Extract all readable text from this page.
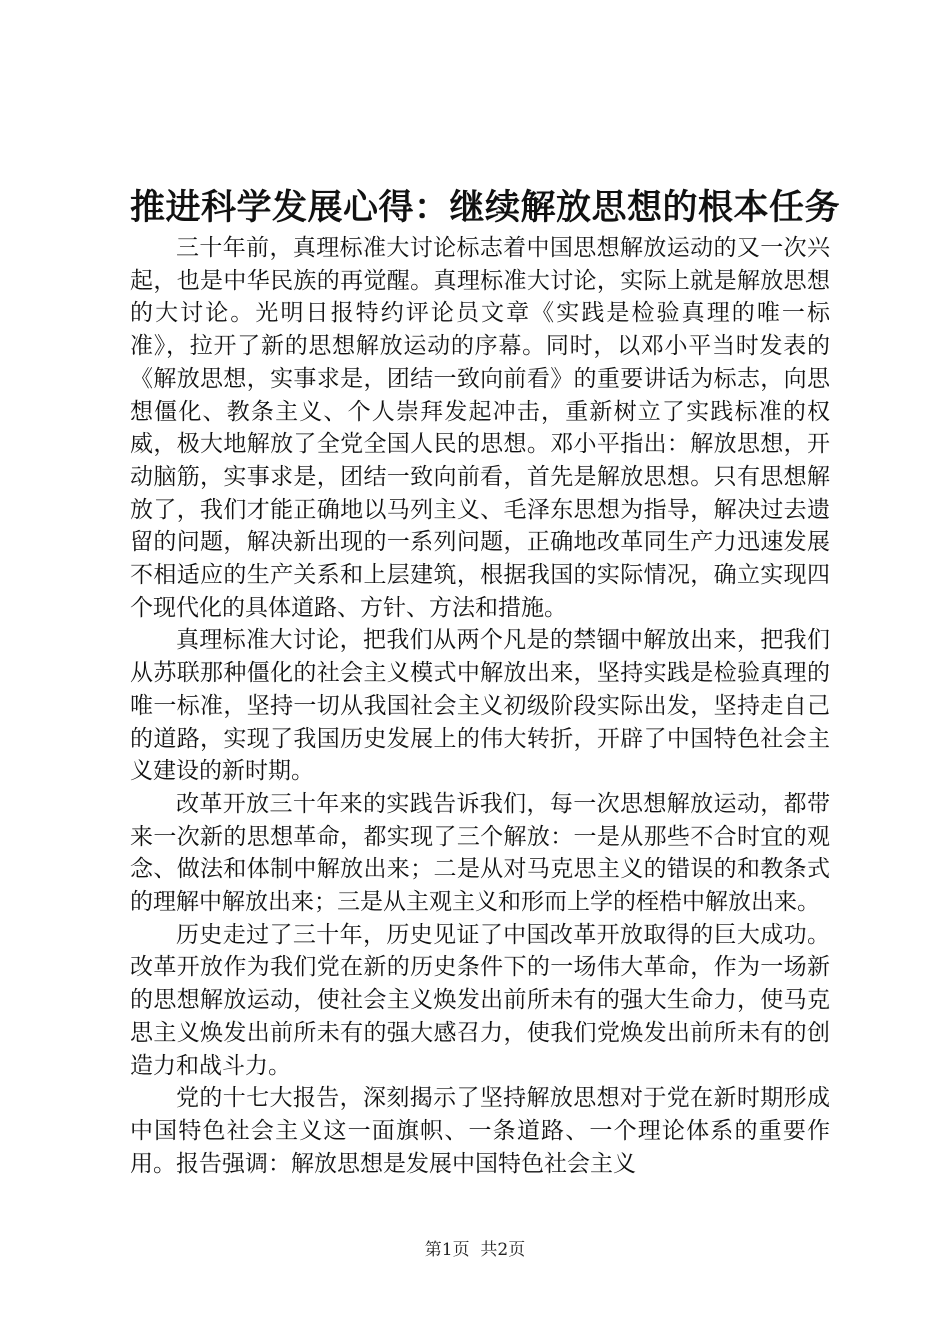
推进科学发展心得：继续解放思想的根本任务

三十年前，真理标准大讨论标志着中国思想解放运动的又一次兴起，也是中华民族的再觉醒。真理标准大讨论，实际上就是解放思想的大讨论。光明日报特约评论员文章《实践是检验真理的唯一标准》，拉开了新的思想解放运动的序幕。同时，以邓小平当时发表的《解放思想，实事求是，团结一致向前看》的重要讲话为标志，向思想僵化、教条主义、个人崇拜发起冲击，重新树立了实践标准的权威，极大地解放了全党全国人民的思想。邓小平指出：解放思想，开动脑筋，实事求是，团结一致向前看，首先是解放思想。只有思想解放了，我们才能正确地以马列主义、毛泽东思想为指导，解决过去遗留的问题，解决新出现的一系列问题，正确地改革同生产力迅速发展不相适应的生产关系和上层建筑，根据我国的实际情况，确立实现四个现代化的具体道路、方针、方法和措施。

真理标准大讨论，把我们从两个凡是的禁锢中解放出来，把我们从苏联那种僵化的社会主义模式中解放出来，坚持实践是检验真理的唯一标准，坚持一切从我国社会主义初级阶段实际出发，坚持走自己的道路，实现了我国历史发展上的伟大转折，开辟了中国特色社会主义建设的新时期。

改革开放三十年来的实践告诉我们，每一次思想解放运动，都带来一次新的思想革命，都实现了三个解放：一是从那些不合时宜的观念、做法和体制中解放出来；二是从对马克思主义的错误的和教条式的理解中解放出来；三是从主观主义和形而上学的桎梏中解放出来。

历史走过了三十年，历史见证了中国改革开放取得的巨大成功。改革开放作为我们党在新的历史条件下的一场伟大革命，作为一场新的思想解放运动，使社会主义焕发出前所未有的强大生命力，使马克思主义焕发出前所未有的强大感召力，使我们党焕发出前所未有的创造力和战斗力。

党的十七大报告，深刻揭示了坚持解放思想对于党在新时期形成中国特色社会主义这一面旗帜、一条道路、一个理论体系的重要作用。报告强调：解放思想是发展中国特色社会主义

第1页  共2页
